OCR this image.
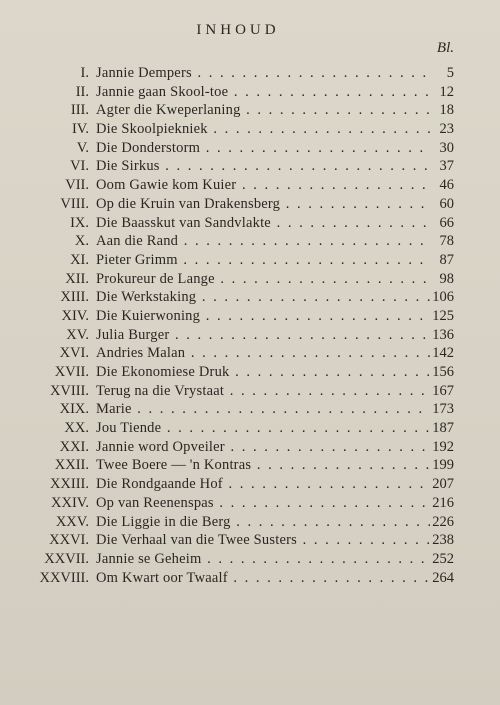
INHOUD
Bl.
I. Jannie Dempers . . .	5
II. Jannie gaan Skool-toe . . .	12
III. Agter die Kweperlaning . . .	18
IV. Die Skoolpiekniek . . .	23
V. Die Donderstorm . . .	30
VI. Die Sirkus . . .	37
VII. Oom Gawie kom Kuier . . .	46
VIII. Op die Kruin van Drakensberg . . .	60
IX. Die Baasskut van Sandvlakte . . .	66
X. Aan die Rand . . .	78
XI. Pieter Grimm . . .	87
XII. Prokureur de Lange . . .	98
XIII. Die Werkstaking . . .	106
XIV. Die Kuierwoning . . .	125
XV. Julia Burger . . .	136
XVI. Andries Malan . . .	142
XVII. Die Ekonomiese Druk . . .	156
XVIII. Terug na die Vrystaat . . .	167
XIX. Marie . . .	173
XX. Jou Tiende . . .	187
XXI. Jannie word Opveiler . . .	192
XXII. Twee Boere — 'n Kontras . . .	199
XXIII. Die Rondgaande Hof . . .	207
XXIV. Op van Reenenspas . . .	216
XXV. Die Liggie in die Berg . . .	226
XXVI. Die Verhaal van die Twee Susters . . .	238
XXVII. Jannie se Geheim . . .	252
XXVIII. Om Kwart oor Twaalf . . .	264
